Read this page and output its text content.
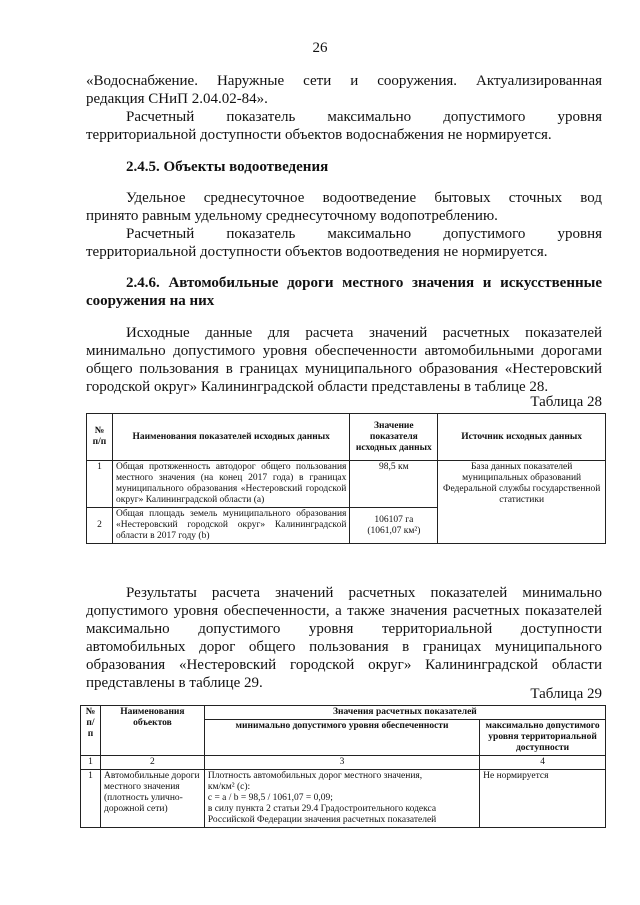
26
«Водоснабжение. Наружные сети и сооружения. Актуализированная
редакция СНиП 2.04.02-84».
Расчетный показатель максимально допустимого уровня
территориальной доступности объектов водоснабжения не нормируется.
2.4.5. Объекты водоотведения
Удельное среднесуточное водоотведение бытовых сточных вод
принято равным удельному среднесуточному водопотреблению.
Расчетный показатель максимально допустимого уровня
территориальной доступности объектов водоотведения не нормируется.
2.4.6. Автомобильные дороги местного значения и искусственные
сооружения на них
Исходные данные для расчета значений расчетных показателей минимально допустимого уровня обеспеченности автомобильными дорогами общего пользования в границах муниципального образования «Нестеровский городской округ» Калининградской области представлены в таблице 28.
Таблица 28
№ п/п	Наименования показателей исходных данных	Значение показателя исходных данных	Источник исходных данных
1	Общая протяженность автодорог общего пользования местного значения (на конец 2017 года) в границах муниципального образования «Нестеровский городской округ» Калининградской области (a)	98,5 км	База данных показателей муниципальных образований Федеральной службы государственной статистики
2	Общая площадь земель муниципального образования «Нестеровский городской округ» Калининградской области в 2017 году (b)	106107 га
(1061,07 км²)	
Результаты расчета значений расчетных показателей минимально допустимого уровня обеспеченности, а также значения расчетных показателей максимально допустимого уровня территориальной доступности автомобильных дорог общего пользования в границах муниципального образования «Нестеровский городской округ» Калининградской области представлены в таблице 29.
Таблица 29
№ п/п	Наименования объектов	Значения расчетных показателей	
		минимально допустимого уровня обеспеченности	максимально допустимого уровня территориальной доступности
1	2	3	4
1	Автомобильные дороги местного значения (плотность улично-дорожной сети)	Плотность автомобильных дорог местного значения,
км/км² (c):
c = a / b = 98,5 / 1061,07 = 0,09;
в силу пункта 2 статьи 29.4 Градостроительного кодекса
Российской Федерации значения расчетных показателей	Не нормируется
